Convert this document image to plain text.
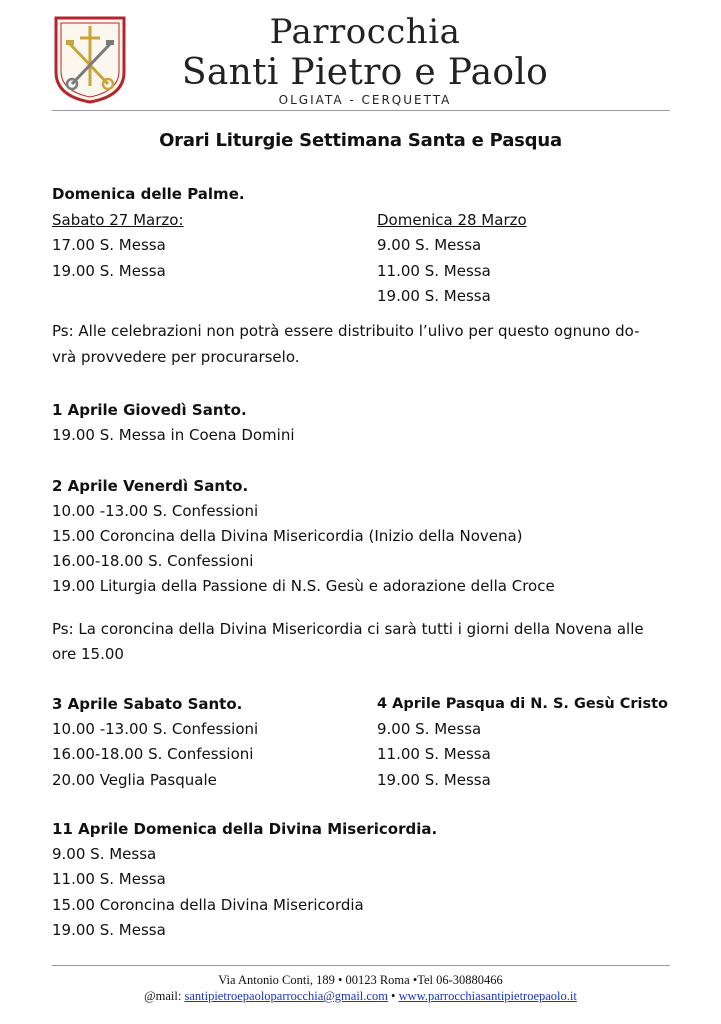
Parrocchia
Santi Pietro e Paolo
OLGIATA - CERQUETTA
Orari Liturgie Settimana Santa e Pasqua
Domenica delle Palme.
Sabato 27 Marzo:
17.00 S. Messa
19.00 S. Messa
Domenica 28 Marzo
9.00 S. Messa
11.00 S. Messa
19.00 S. Messa
Ps: Alle celebrazioni non potrà essere distribuito l’ulivo per questo ognuno do-
vrà provvedere per procurarselo.
1 Aprile Giovedì Santo.
19.00 S. Messa in Coena Domini
2 Aprile Venerdì Santo.
10.00 -13.00 S. Confessioni
15.00 Coroncina della Divina Misericordia (Inizio della Novena)
16.00-18.00 S. Confessioni
19.00 Liturgia della Passione di N.S. Gesù e adorazione della Croce
Ps: La coroncina della Divina Misericordia ci sarà tutti i giorni della Novena alle
ore 15.00
3 Aprile Sabato Santo.
10.00 -13.00 S. Confessioni
16.00-18.00 S. Confessioni
20.00 Veglia Pasquale
4 Aprile Pasqua di N. S. Gesù Cristo
9.00 S. Messa
11.00 S. Messa
19.00 S. Messa
11 Aprile Domenica della Divina Misericordia.
9.00 S. Messa
11.00 S. Messa
15.00 Coroncina della Divina Misericordia
19.00 S. Messa
Via Antonio Conti, 189 • 00123 Roma •Tel 06-30880466
@mail: santipietroepaoloparrocchia@gmail.com • www.parrocchiasantipietroepaolo.it
